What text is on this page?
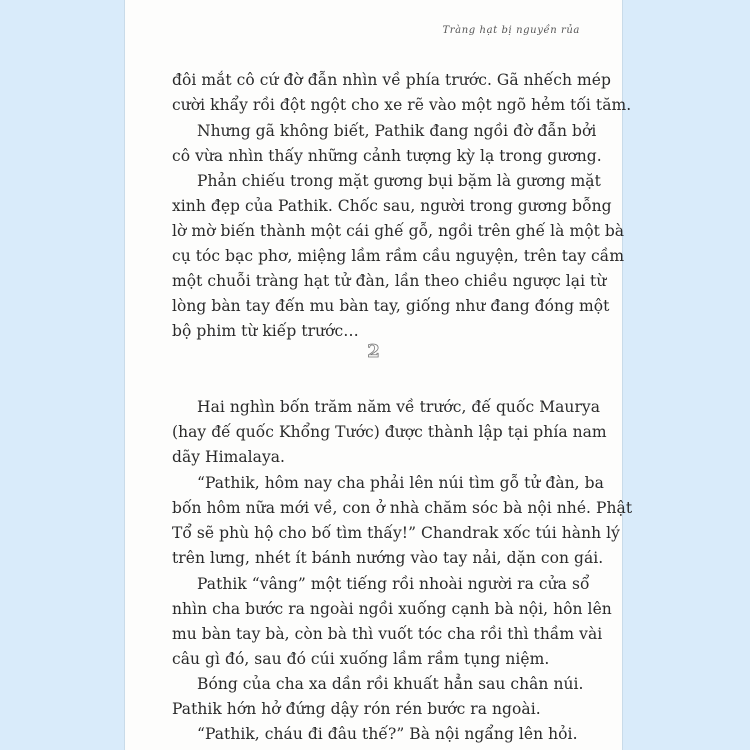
Tràng hạt bị nguyền rủa
đôi mắt cô cứ đờ đẫn nhìn về phía trước. Gã nhếch mép
cười khẩy rồi đột ngột cho xe rẽ vào một ngõ hẻm tối tăm.
Nhưng gã không biết, Pathik đang ngồi đờ đẫn bởi
cô vừa nhìn thấy những cảnh tượng kỳ lạ trong gương.
Phản chiếu trong mặt gương bụi bặm là gương mặt
xinh đẹp của Pathik. Chốc sau, người trong gương bỗng
lờ mờ biến thành một cái ghế gỗ, ngồi trên ghế là một bà
cụ tóc bạc phơ, miệng lầm rầm cầu nguyện, trên tay cầm
một chuỗi tràng hạt tử đàn, lần theo chiều ngược lại từ
lòng bàn tay đến mu bàn tay, giống như đang đóng một
bộ phim từ kiếp trước…
2
Hai nghìn bốn trăm năm về trước, đế quốc Maurya
(hay đế quốc Khổng Tước) được thành lập tại phía nam
dãy Himalaya.
“Pathik, hôm nay cha phải lên núi tìm gỗ tử đàn, ba
bốn hôm nữa mới về, con ở nhà chăm sóc bà nội nhé. Phật
Tổ sẽ phù hộ cho bố tìm thấy!” Chandrak xốc túi hành lý
trên lưng, nhét ít bánh nướng vào tay nải, dặn con gái.
Pathik “vâng” một tiếng rồi nhoài người ra cửa sổ
nhìn cha bước ra ngoài ngồi xuống cạnh bà nội, hôn lên
mu bàn tay bà, còn bà thì vuốt tóc cha rồi thì thầm vài
câu gì đó, sau đó cúi xuống lầm rầm tụng niệm.
Bóng của cha xa dần rồi khuất hẳn sau chân núi.
Pathik hớn hở đứng dậy rón rén bước ra ngoài.
“Pathik, cháu đi đâu thế?” Bà nội ngẩng lên hỏi.
